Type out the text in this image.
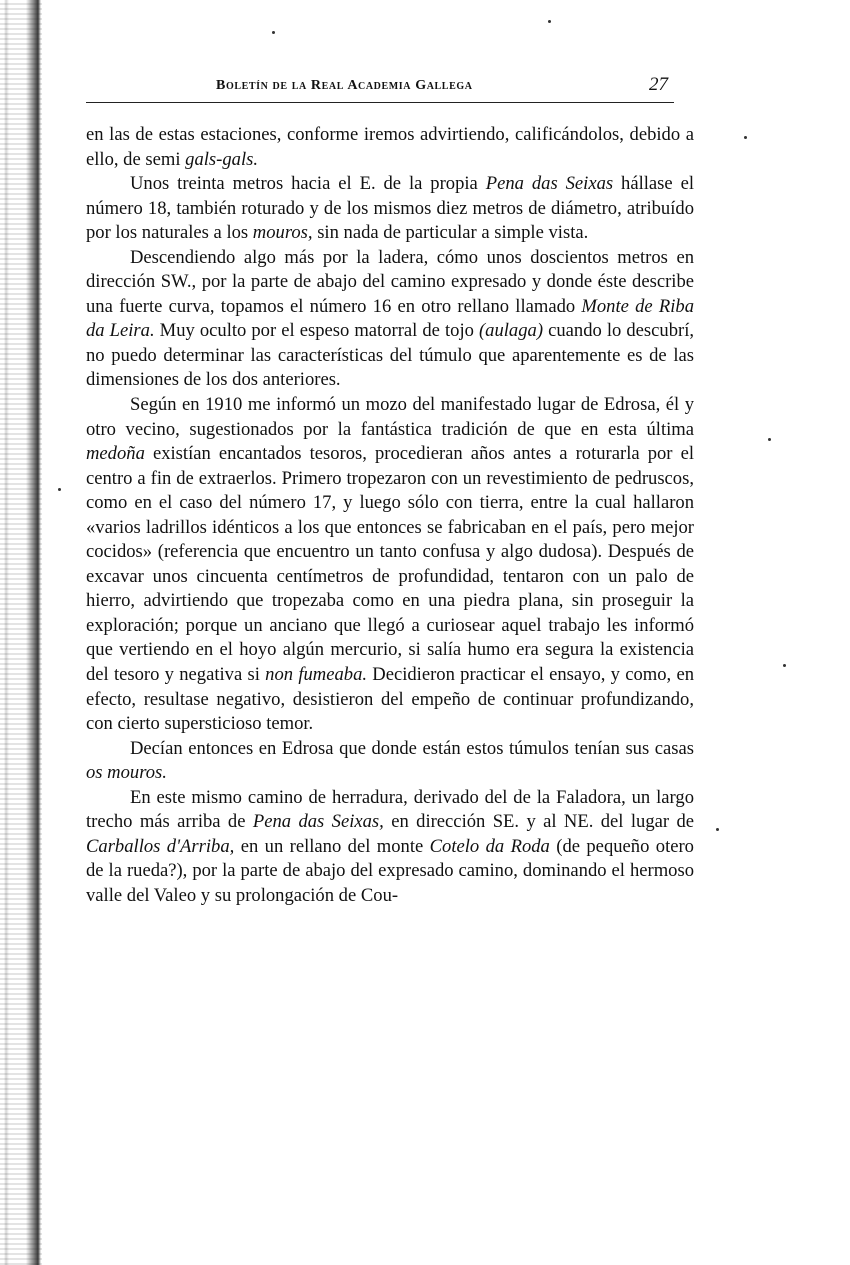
Boletín de la Real Academia Gallega	27

en las de estas estaciones, conforme iremos advirtiendo, calificándolos, debido a ello, de semi gals-gals.

Unos treinta metros hacia el E. de la propia Pena das Seixas hállase el número 18, también roturado y de los mismos diez metros de diámetro, atribuído por los naturales a los mouros, sin nada de particular a simple vista.

Descendiendo algo más por la ladera, cómo unos doscientos metros en dirección SW., por la parte de abajo del camino expresado y donde éste describe una fuerte curva, topamos el número 16 en otro rellano llamado Monte de Riba da Leira. Muy oculto por el espeso matorral de tojo (aulaga) cuando lo descubrí, no puedo determinar las características del túmulo que aparentemente es de las dimensiones de los dos anteriores.

Según en 1910 me informó un mozo del manifestado lugar de Edrosa, él y otro vecino, sugestionados por la fantástica tradición de que en esta última medoña existían encantados tesoros, procedieran años antes a roturarla por el centro a fin de extraerlos. Primero tropezaron con un revestimiento de pedruscos, como en el caso del número 17, y luego sólo con tierra, entre la cual hallaron «varios ladrillos idénticos a los que entonces se fabricaban en el país, pero mejor cocidos» (referencia que encuentro un tanto confusa y algo dudosa). Después de excavar unos cincuenta centímetros de profundidad, tentaron con un palo de hierro, advirtiendo que tropezaba como en una piedra plana, sin proseguir la exploración; porque un anciano que llegó a curiosear aquel trabajo les informó que vertiendo en el hoyo algún mercurio, si salía humo era segura la existencia del tesoro y negativa si non fumeaba. Decidieron practicar el ensayo, y como, en efecto, resultase negativo, desistieron del empeño de continuar profundizando, con cierto supersticioso temor.

Decían entonces en Edrosa que donde están estos túmulos tenían sus casas os mouros.

En este mismo camino de herradura, derivado del de la Faladora, un largo trecho más arriba de Pena das Seixas, en dirección SE. y al NE. del lugar de Carballos d'Arriba, en un rellano del monte Cotelo da Roda (de pequeño otero de la rueda?), por la parte de abajo del expresado camino, dominando el hermoso valle del Valeo y su prolongación de Cou-
